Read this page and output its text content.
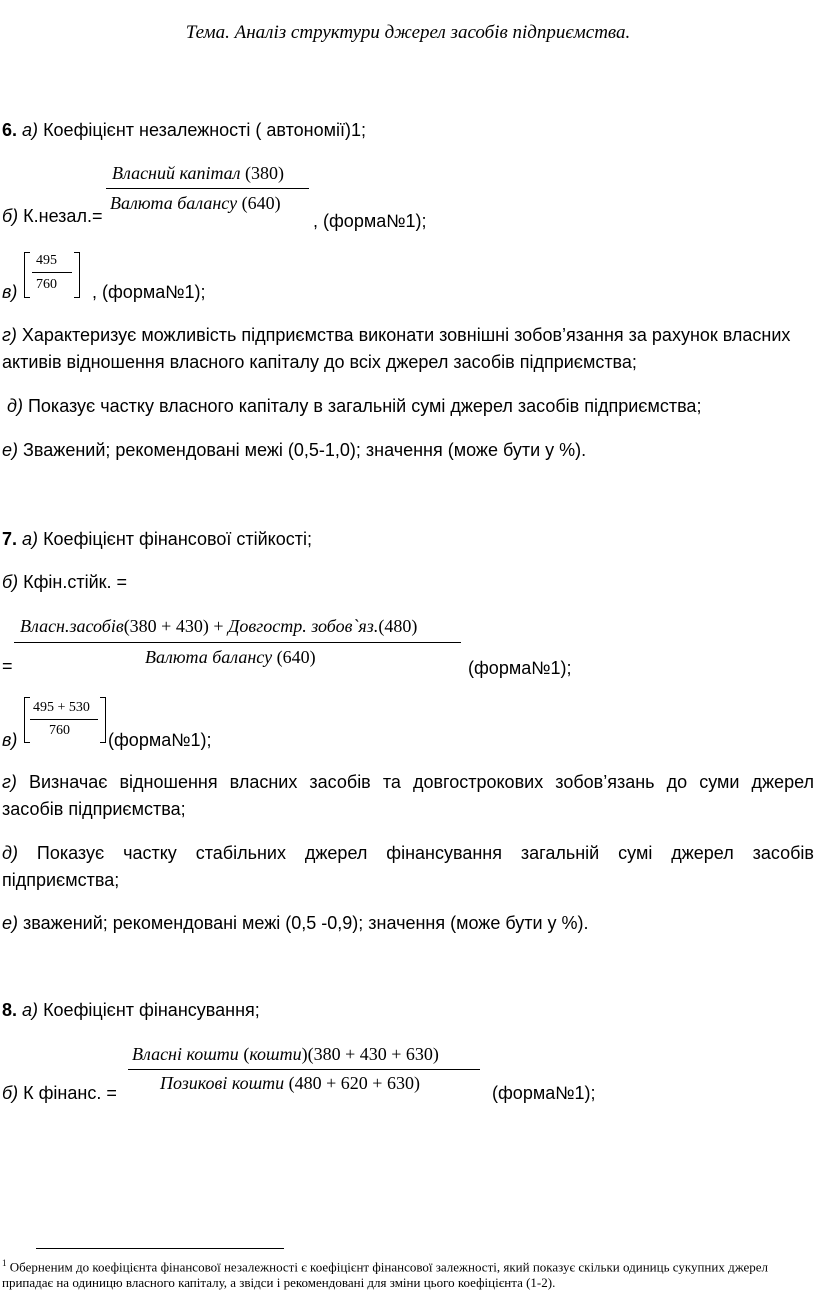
Тема. Аналіз структури джерел засобів підприємства.
6. а) Коефіцієнт незалежності ( автономії)1;
Власний капітал (380)
Валюта балансу (640)
б) К.незал.=	, (форма№1);
495
760
в)	, (форма№1);
г) Характеризує можливість підприємства виконати зовнішні зобов’язання за рахунок власних
активів відношення власного капіталу до всіх джерел засобів підприємства;
д) Показує частку власного капіталу в загальній сумі джерел засобів підприємства;
е) Зважений; рекомендовані межі (0,5-1,0); значення (може бути у %).
7. а) Коефіцієнт фінансової стійкості;
б) Кфін.стійк. =
Власн.засобів(380 + 430) + Довгостр. зобов`яз.(480)
Валюта балансу (640)
=	(форма№1);
495 + 530
760
в)	(форма№1);
г) Визначає відношення власних засобів та довгострокових зобов’язань до суми джерел
засобів підприємства;
д) Показує частку стабільних джерел фінансування загальній сумі джерел засобів
підприємства;
е) зважений; рекомендовані межі (0,5 -0,9); значення (може бути у %).
8. а) Коефіцієнт фінансування;
Власні кошти (кошти)(380 + 430 + 630)
Позикові кошти (480 + 620 + 630)
б) К фінанс. =	(форма№1);
$^1$ Оберненим до коефіцієнта фінансової незалежності є коефіцієнт фінансової залежності, який показує скільки одиниць сукупних джерел
припадає на одиницю власного капіталу, а звідси і рекомендовані для зміни цього коефіцієнта (1-2).
